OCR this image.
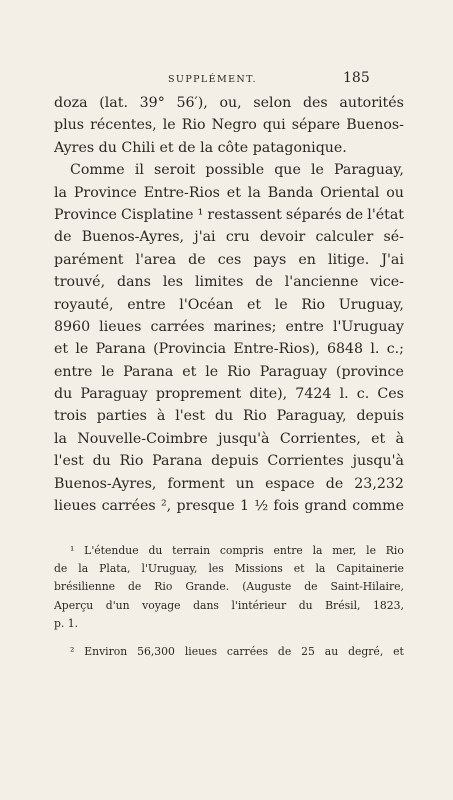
SUPPLÉMENT.	185
doza (lat. 39° 56′), ou, selon des autorités
plus récentes, le Rio Negro qui sépare Buenos-
Ayres du Chili et de la côte patagonique.
Comme il seroit possible que le Paraguay,
la Province Entre-Rios et la Banda Oriental ou
Province Cisplatine ¹ restassent séparés de l'état
de Buenos-Ayres, j'ai cru devoir calculer sé-
parément l'area de ces pays en litige. J'ai
trouvé, dans les limites de l'ancienne vice-
royauté, entre l'Océan et le Rio Uruguay,
8960 lieues carrées marines; entre l'Uruguay
et le Parana (Provincia Entre-Rios), 6848 l. c.;
entre le Parana et le Rio Paraguay (province
du Paraguay proprement dite), 7424 l. c. Ces
trois parties à l'est du Rio Paraguay, depuis
la Nouvelle-Coimbre jusqu'à Corrientes, et à
l'est du Rio Parana depuis Corrientes jusqu'à
Buenos-Ayres, forment un espace de 23,232
lieues carrées ², presque 1 ½ fois grand comme
¹ L'étendue du terrain compris entre la mer, le Rio
de la Plata, l'Uruguay, les Missions et la Capitainerie
brésilienne de Rio Grande. (Auguste de Saint-Hilaire,
Aperçu d'un voyage dans l'intérieur du Brésil, 1823,
p. 1.
² Environ 56,300 lieues carrées de 25 au degré, et
